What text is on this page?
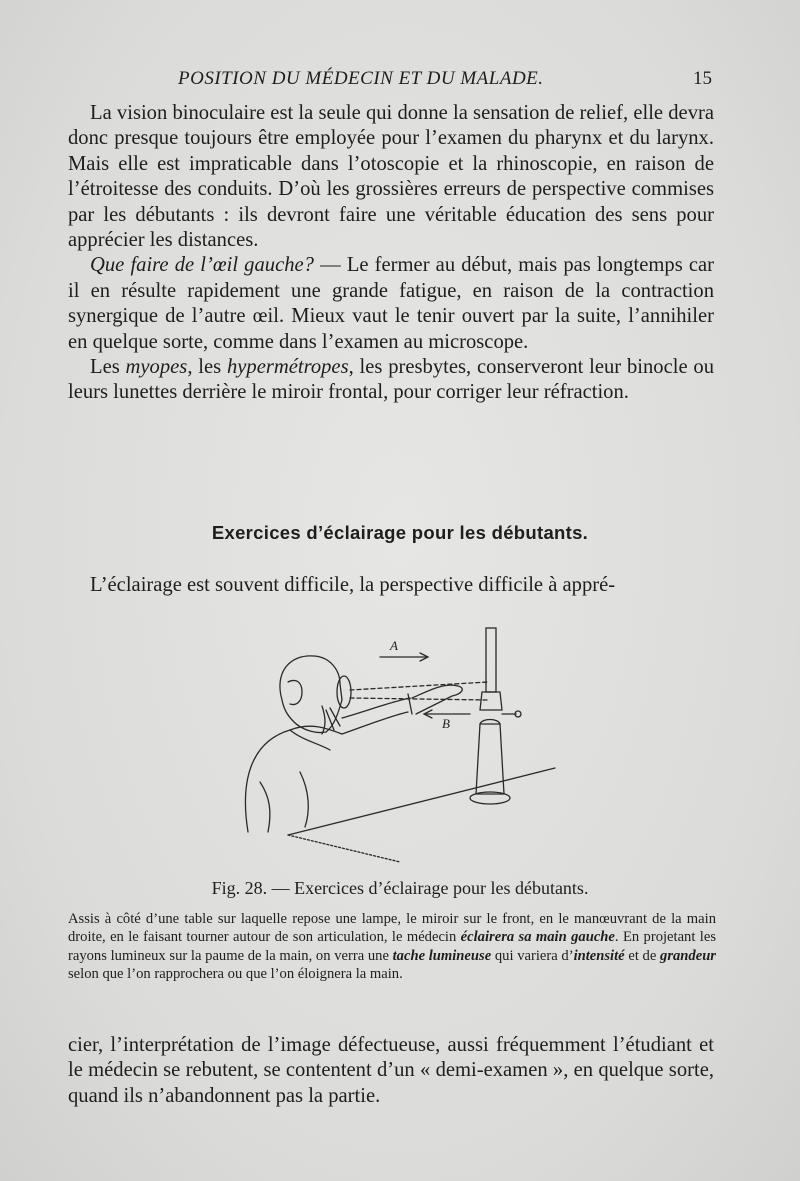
POSITION DU MÉDECIN ET DU MALADE.	15

La vision binoculaire est la seule qui donne la sensation de relief, elle devra donc presque toujours être employée pour l’examen du pharynx et du larynx. Mais elle est impraticable dans l’otoscopie et la rhinoscopie, en raison de l’étroitesse des conduits. D’où les grossières erreurs de perspective commises par les débutants : ils devront faire une véritable éducation des sens pour apprécier les distances.

Que faire de l’œil gauche? — Le fermer au début, mais pas longtemps car il en résulte rapidement une grande fatigue, en raison de la contraction synergique de l’autre œil. Mieux vaut le tenir ouvert par la suite, l’annihiler en quelque sorte, comme dans l’examen au microscope.

Les myopes, les hypermétropes, les presbytes, conserveront leur binocle ou leurs lunettes derrière le miroir frontal, pour corriger leur réfraction.

Exercices d’éclairage pour les débutants.
L’éclairage est souvent difficile, la perspective difficile à appré-
A
B
Fig. 28. — Exercices d’éclairage pour les débutants.
Assis à côté d’une table sur laquelle repose une lampe, le miroir sur le front, en le manœuvrant de la main droite, en le faisant tourner autour de son articulation, le médecin éclairera sa main gauche. En projetant les rayons lumineux sur la paume de la main, on verra une tache lumineuse qui variera d’intensité et de grandeur selon que l’on rapprochera ou que l’on éloignera la main.

cier, l’interprétation de l’image défectueuse, aussi fréquemment l’étudiant et le médecin se rebutent, se contentent d’un « demi-examen », en quelque sorte, quand ils n’abandonnent pas la partie.
